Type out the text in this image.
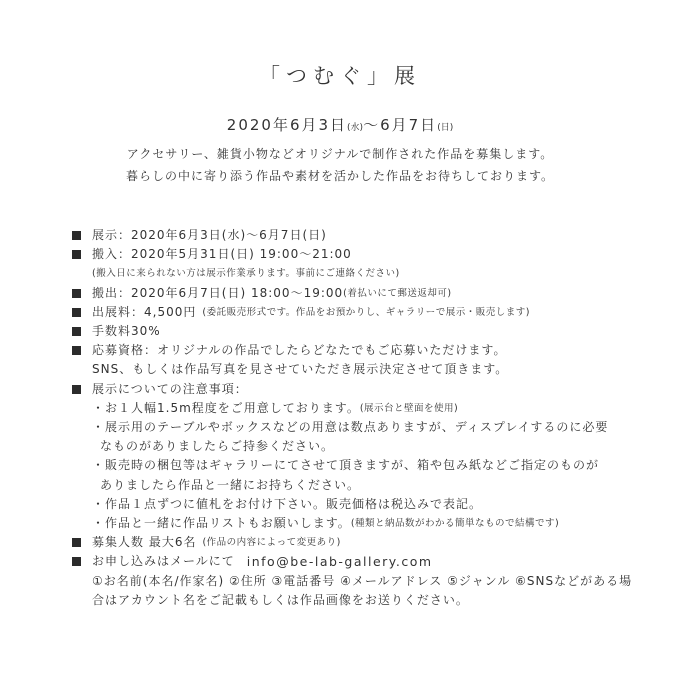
「つむぐ」展
2020年6月3日(水)〜6月7日(日)
アクセサリー、雑貨小物などオリジナルで制作された作品を募集します。
暮らしの中に寄り添う作品や素材を活かした作品をお待ちしております。
展示：2020年6月3日(水)〜6月7日(日)
搬入：2020年5月31日(日) 19:00〜21:00
(搬入日に来られない方は展示作業承ります。事前にご連絡ください)
搬出：2020年6月7日(日) 18:00〜19:00 (着払いにて郵送返却可)
出展料：4,500円 (委託販売形式です。作品をお預かりし、ギャラリーで展示・販売します)
手数料30%
応募資格：オリジナルの作品でしたらどなたでもご応募いただけます。
SNS、もしくは作品写真を見させていただき展示決定させて頂きます。
展示についての注意事項：
・お１人幅1.5m程度をご用意しております。 (展示台と壁面を使用)
・展示用のテーブルやボックスなどの用意は数点ありますが、ディスプレイするのに必要
なものがありましたらご持参ください。
・販売時の梱包等はギャラリーにてさせて頂きますが、箱や包み紙などご指定のものが
ありましたら作品と一緒にお持ちください。
・作品１点ずつに値札をお付け下さい。販売価格は税込みで表記。
・作品と一緒に作品リストもお願いします。 (種類と納品数がわかる簡単なもので結構です)
募集人数 最大6名 (作品の内容によって変更あり)
お申し込みはメールにて info@be-lab-gallery.com
①お名前(本名/作家名) ②住所 ③電話番号 ④メールアドレス ⑤ジャンル ⑥SNSなどがある場
合はアカウント名をご記載もしくは作品画像をお送りください。
